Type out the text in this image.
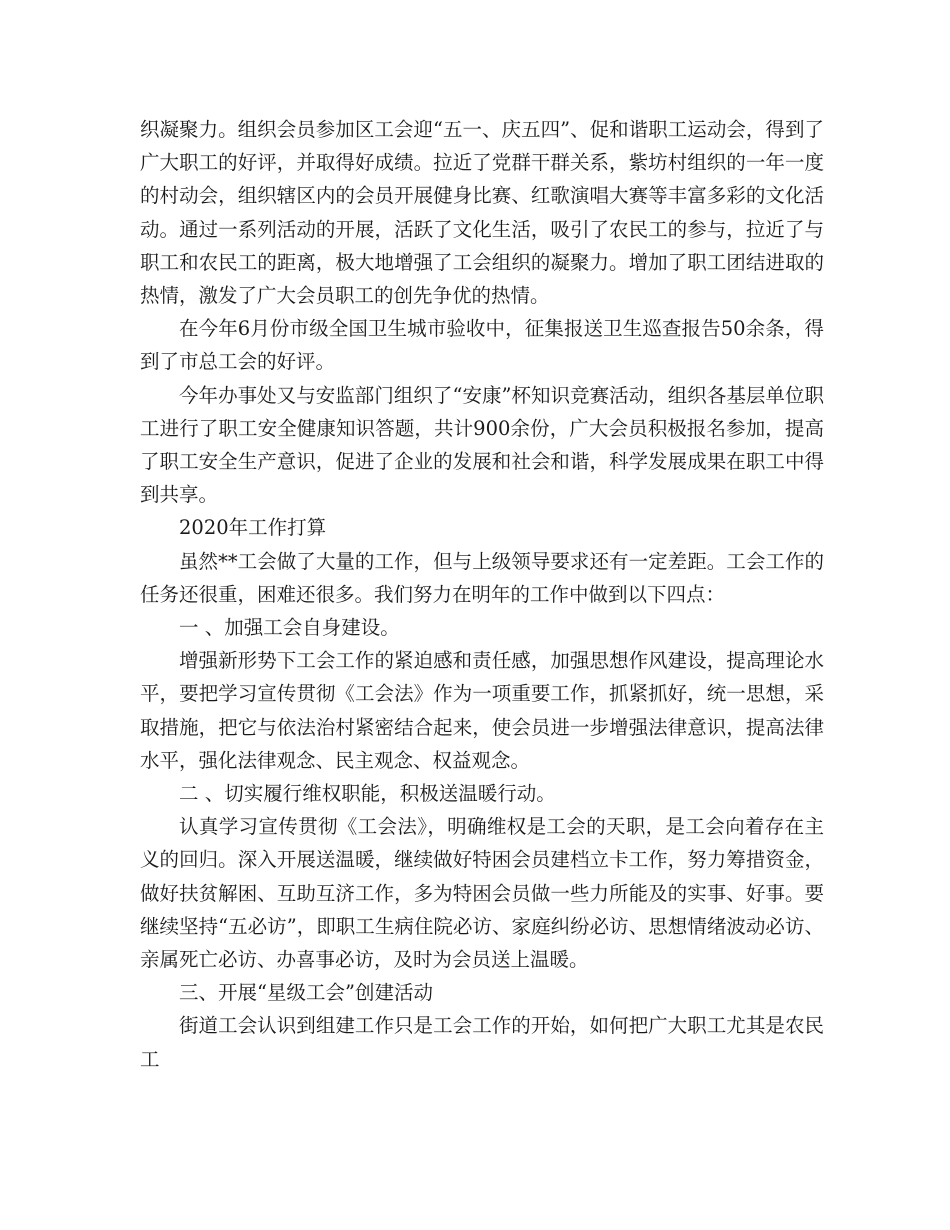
织凝聚力。组织会员参加区工会迎“五一、庆五四”、促和谐职工运动会，得到了广大职工的好评，并取得好成绩。拉近了党群干群关系，紫坊村组织的一年一度的村动会，组织辖区内的会员开展健身比赛、红歌演唱大赛等丰富多彩的文化活动。通过一系列活动的开展，活跃了文化生活，吸引了农民工的参与，拉近了与职工和农民工的距离，极大地增强了工会组织的凝聚力。增加了职工团结进取的热情，激发了广大会员职工的创先争优的热情。

在今年6月份市级全国卫生城市验收中，征集报送卫生巡查报告50余条，得到了市总工会的好评。

今年办事处又与安监部门组织了“安康”杯知识竞赛活动，组织各基层单位职工进行了职工安全健康知识答题，共计900余份，广大会员积极报名参加，提高了职工安全生产意识，促进了企业的发展和社会和谐，科学发展成果在职工中得到共享。

2020年工作打算

虽然**工会做了大量的工作，但与上级领导要求还有一定差距。工会工作的任务还很重，困难还很多。我们努力在明年的工作中做到以下四点：

一 、加强工会自身建设。

增强新形势下工会工作的紧迫感和责任感，加强思想作风建设，提高理论水平，要把学习宣传贯彻《工会法》作为一项重要工作，抓紧抓好，统一思想，采取措施，把它与依法治村紧密结合起来，使会员进一步增强法律意识，提高法律水平，强化法律观念、民主观念、权益观念。

二 、切实履行维权职能，积极送温暖行动。

认真学习宣传贯彻《工会法》，明确维权是工会的天职，是工会向着存在主义的回归。深入开展送温暖，继续做好特困会员建档立卡工作，努力筹措资金，做好扶贫解困、互助互济工作，多为特困会员做一些力所能及的实事、好事。要继续坚持“五必访”，即职工生病住院必访、家庭纠纷必访、思想情绪波动必访、亲属死亡必访、办喜事必访，及时为会员送上温暖。

三、开展“星级工会”创建活动

街道工会认识到组建工作只是工会工作的开始，如何把广大职工尤其是农民工
